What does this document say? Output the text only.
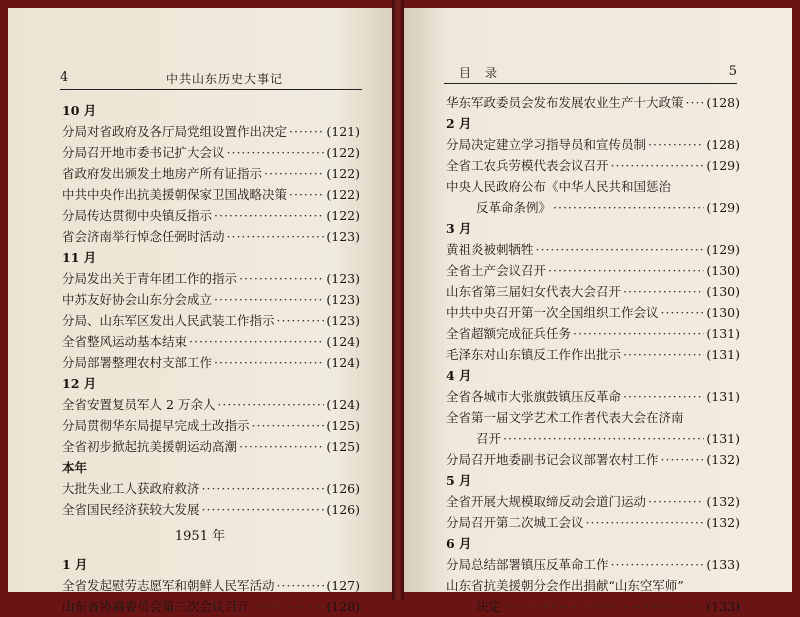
4	中共山东历史大事记
10 月
分局对省政府及各厅局党组设置作出决定 ·····	(121)
分局召开地市委书记扩大会议 ·····	(122)
省政府发出颁发土地房产所有证指示 ·····	(122)
中共中央作出抗美援朝保家卫国战略决策 ·····	(122)
分局传达贯彻中央镇反指示 ·····	(122)
省会济南举行悼念任弼时活动 ·····	(123)
11 月
分局发出关于青年团工作的指示 ·····	(123)
中苏友好协会山东分会成立 ·····	(123)
分局、山东军区发出人民武装工作指示 ·····	(123)
全省整风运动基本结束 ·····	(124)
分局部署整理农村支部工作 ·····	(124)
12 月
全省安置复员军人 2 万余人 ·····	(124)
分局贯彻华东局提早完成土改指示 ·····	(125)
全省初步掀起抗美援朝运动高潮 ·····	(125)
本年
大批失业工人获政府救济 ·····	(126)
全省国民经济获较大发展 ·····	(126)
1951 年
1 月
全省发起慰劳志愿军和朝鲜人民军活动 ·····	(127)
山东省协商委员会第三次会议召开 ·····	(128)
目录	5
华东军政委员会发布发展农业生产十大政策 ····· (128)
2 月
分局决定建立学习指导员和宣传员制 ·····	(128)
全省工农兵劳模代表会议召开 ·····	(129)
中央人民政府公布《中华人民共和国惩治
反革命条例》 ·····	(129)
3 月
黄祖炎被刺牺牲 ·····	(129)
全省土产会议召开 ·····	(130)
山东省第三届妇女代表大会召开 ·····	(130)
中共中央召开第一次全国组织工作会议 ·····	(130)
全省超额完成征兵任务 ·····	(131)
毛泽东对山东镇反工作作出批示 ·····	(131)
4 月
全省各城市大张旗鼓镇压反革命 ·····	(131)
全省第一届文学艺术工作者代表大会在济南
召开 ·····	(131)
分局召开地委副书记会议部署农村工作 ·····	(132)
5 月
全省开展大规模取缔反动会道门运动 ·····	(132)
分局召开第二次城工会议 ·····	(132)
6 月
分局总结部署镇压反革命工作 ·····	(133)
山东省抗美援朝分会作出捐献“山东空军师”
决定 ·····	(133)
